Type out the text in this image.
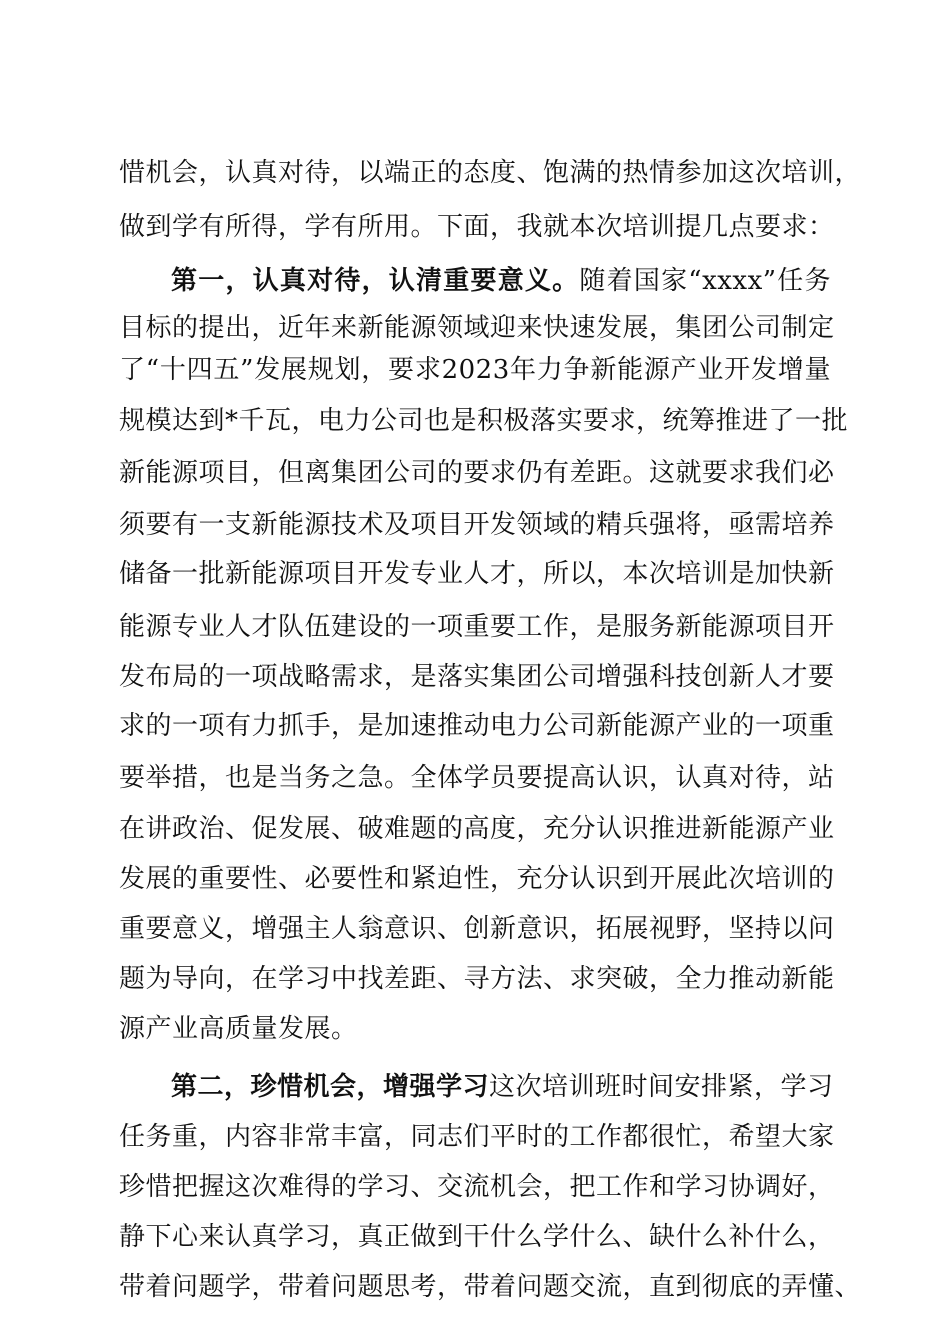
惜机会，认真对待，以端正的态度、饱满的热情参加这次培训，
做到学有所得，学有所用。下面，我就本次培训提几点要求：
第一，认真对待，认清重要意义。随着国家“xxxx”任务
目标的提出，近年来新能源领域迎来快速发展，集团公司制定
了“十四五”发展规划，要求2023年力争新能源产业开发增量
规模达到*千瓦，电力公司也是积极落实要求，统筹推进了一批
新能源项目，但离集团公司的要求仍有差距。这就要求我们必
须要有一支新能源技术及项目开发领域的精兵强将，亟需培养
储备一批新能源项目开发专业人才，所以，本次培训是加快新
能源专业人才队伍建设的一项重要工作，是服务新能源项目开
发布局的一项战略需求，是落实集团公司增强科技创新人才要
求的一项有力抓手，是加速推动电力公司新能源产业的一项重
要举措，也是当务之急。全体学员要提高认识，认真对待，站
在讲政治、促发展、破难题的高度，充分认识推进新能源产业
发展的重要性、必要性和紧迫性，充分认识到开展此次培训的
重要意义，增强主人翁意识、创新意识，拓展视野，坚持以问
题为导向，在学习中找差距、寻方法、求突破，全力推动新能
源产业高质量发展。
第二，珍惜机会，增强学习这次培训班时间安排紧，学习
任务重，内容非常丰富，同志们平时的工作都很忙，希望大家
珍惜把握这次难得的学习、交流机会，把工作和学习协调好，
静下心来认真学习，真正做到干什么学什么、缺什么补什么，
带着问题学，带着问题思考，带着问题交流，直到彻底的弄懂、
